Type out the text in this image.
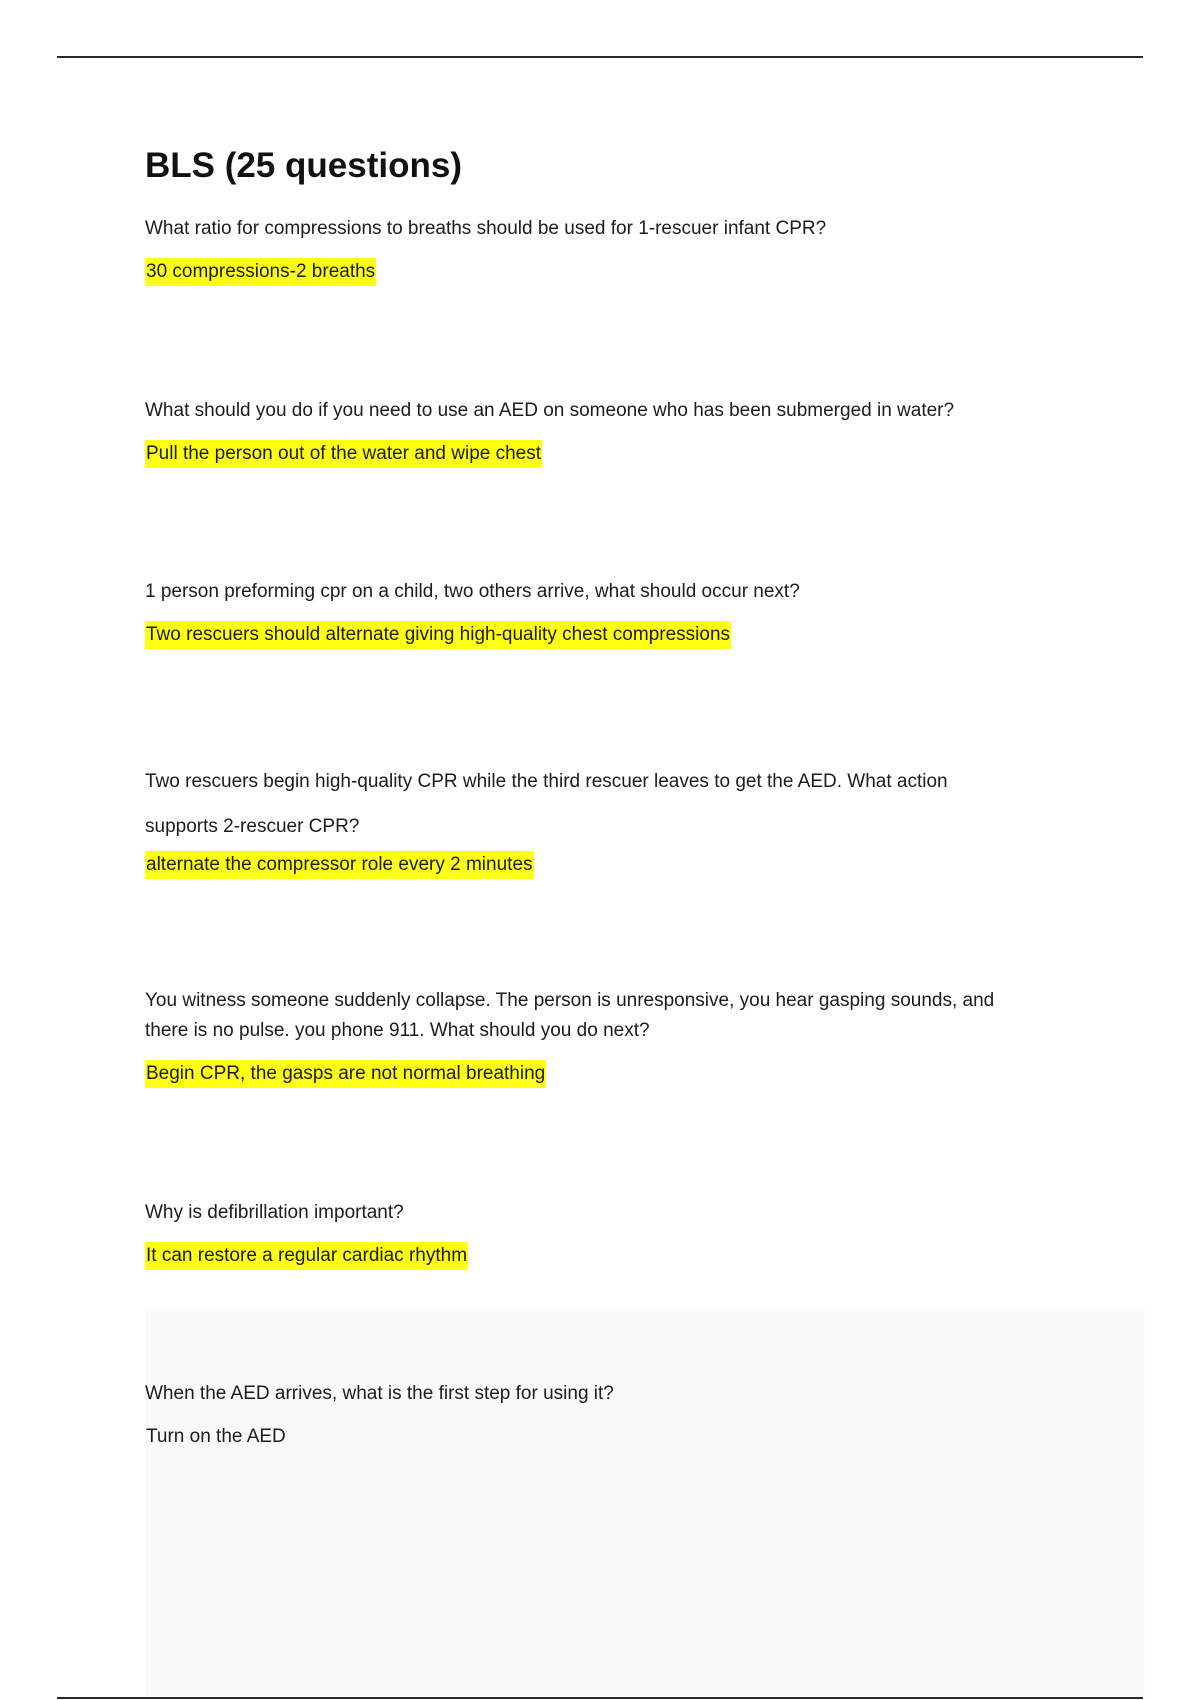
BLS (25 questions)

What ratio for compressions to breaths should be used for 1-rescuer infant CPR?

30 compressions-2 breaths

What should you do if you need to use an AED on someone who has been submerged in water?

Pull the person out of the water and wipe chest

1 person preforming cpr on a child, two others arrive, what should occur next?

Two rescuers should alternate giving high-quality chest compressions

Two rescuers begin high-quality CPR while the third rescuer leaves to get the AED. What action

supports 2-rescuer CPR?

alternate the compressor role every 2 minutes

You witness someone suddenly collapse. The person is unresponsive, you hear gasping sounds, and

there is no pulse. you phone 911. What should you do next?

Begin CPR, the gasps are not normal breathing

Why is defibrillation important?

It can restore a regular cardiac rhythm

When the AED arrives, what is the first step for using it?

Turn on the AED
